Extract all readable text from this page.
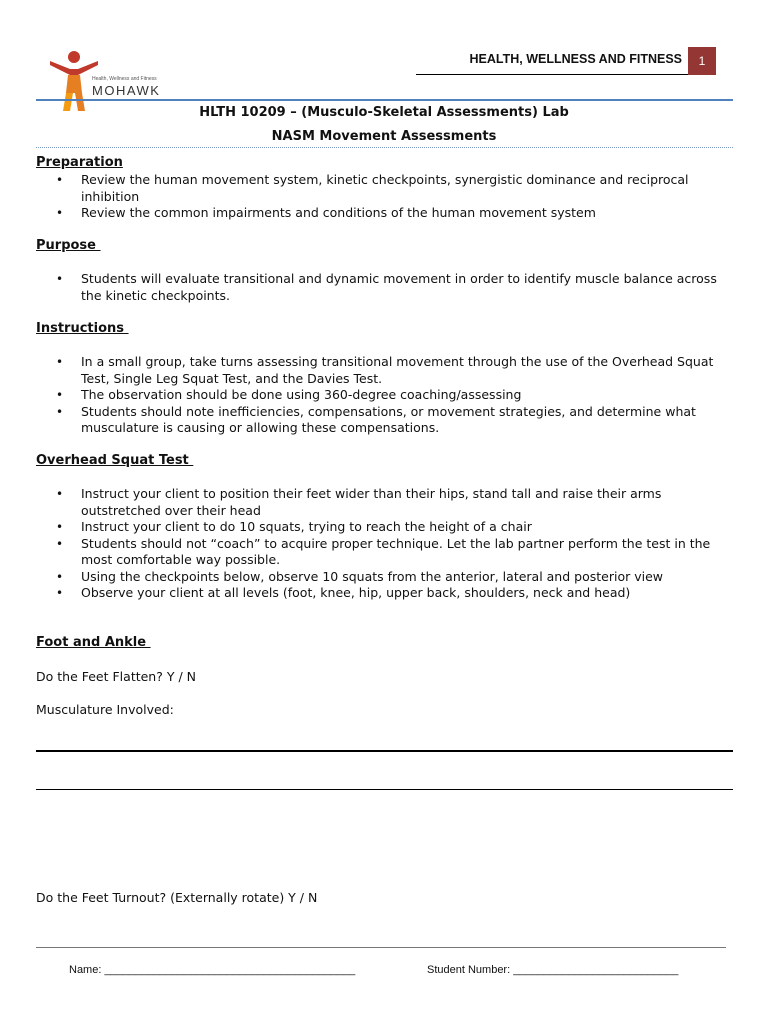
Health, Wellness and Fitness
MOHAWK
HEALTH, WELLNESS AND FITNESS	1
HLTH 10209 – (Musculo-Skeletal Assessments) Lab
NASM Movement Assessments
Preparation
• Review the human movement system, kinetic checkpoints, synergistic dominance and reciprocal inhibition
• Review the common impairments and conditions of the human movement system
Purpose
• Students will evaluate transitional and dynamic movement in order to identify muscle balance across the kinetic checkpoints.
Instructions
• In a small group, take turns assessing transitional movement through the use of the Overhead Squat Test, Single Leg Squat Test, and the Davies Test.
• The observation should be done using 360-degree coaching/assessing
• Students should note inefficiencies, compensations, or movement strategies, and determine what musculature is causing or allowing these compensations.
Overhead Squat Test
• Instruct your client to position their feet wider than their hips, stand tall and raise their arms outstretched over their head
• Instruct your client to do 10 squats, trying to reach the height of a chair
• Students should not “coach” to acquire proper technique. Let the lab partner perform the test in the most comfortable way possible.
• Using the checkpoints below, observe 10 squats from the anterior, lateral and posterior view
• Observe your client at all levels (foot, knee, hip, upper back, shoulders, neck and head)
Foot and Ankle
Do the Feet Flatten? Y / N
Musculature Involved:
Do the Feet Turnout? (Externally rotate) Y / N
Name: _________________________________________	Student Number: ___________________________
